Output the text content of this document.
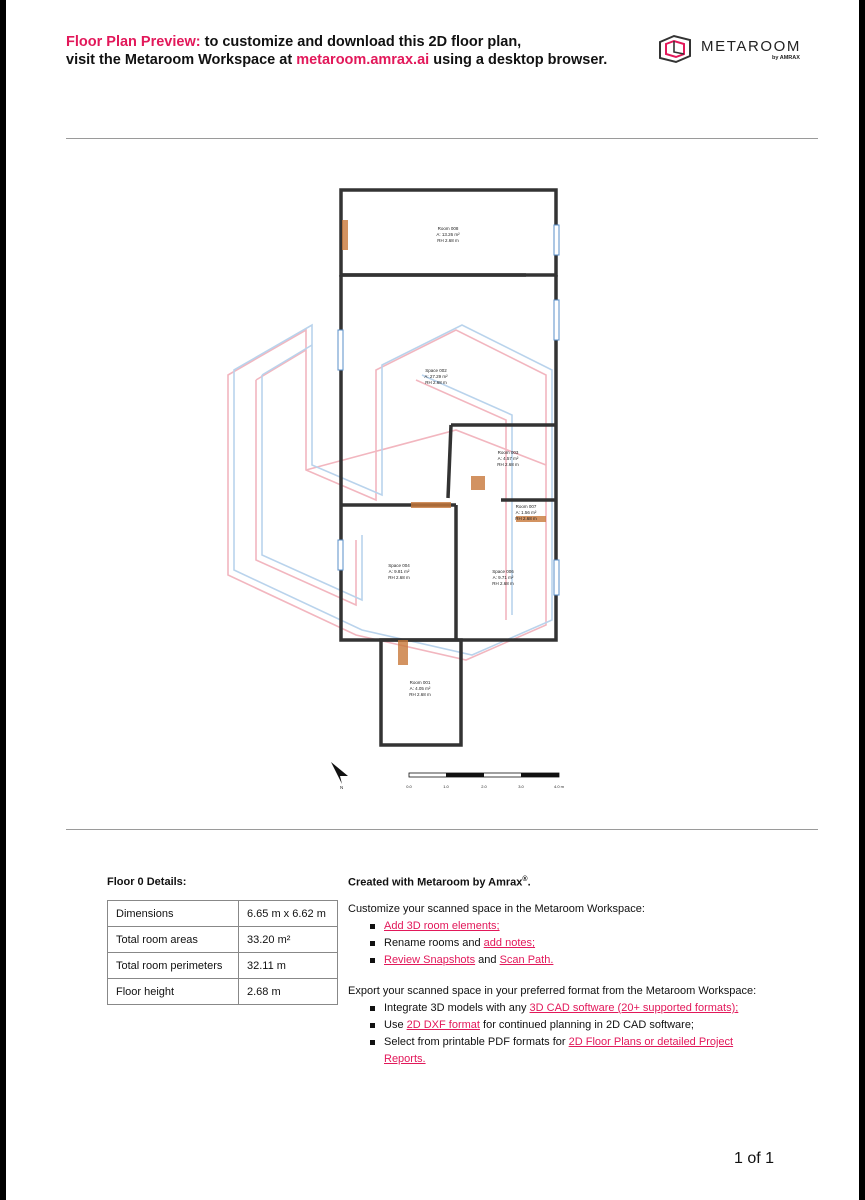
Floor Plan Preview: to customize and download this 2D floor plan,
visit the Metaroom Workspace at metaroom.amrax.ai using a desktop browser.
METAROOM
by AMRAX
Room 008
A: 13.26 m²
RH 2.68 m
Space 002
A: 27.29 m²
RH 2.68 m
Room 003
A: 4.57 m²
RH 2.68 m
Room 007
A: 1.56 m²
RH 2.68 m
Space 004
A: 9.81 m²
RH 2.68 m
Space 006
A: 9.71 m²
RH 2.68 m
Room 001
A: 4.05 m²
RH 2.68 m
N	0.0	1.0	2.0	3.0	4.0 m
Floor 0 Details:
Dimensions	6.65 m x 6.62 m
Total room areas	33.20 m²
Total room perimeters	32.11 m
Floor height	2.68 m
Created with Metaroom by Amrax®.
Customize your scanned space in the Metaroom Workspace:
Add 3D room elements;
Rename rooms and add notes;
Review Snapshots and Scan Path.
Export your scanned space in your preferred format from the Metaroom Workspace:
Integrate 3D models with any 3D CAD software (20+ supported formats);
Use 2D DXF format for continued planning in 2D CAD software;
Select from printable PDF formats for 2D Floor Plans or detailed Project
Reports.
1 of 1
